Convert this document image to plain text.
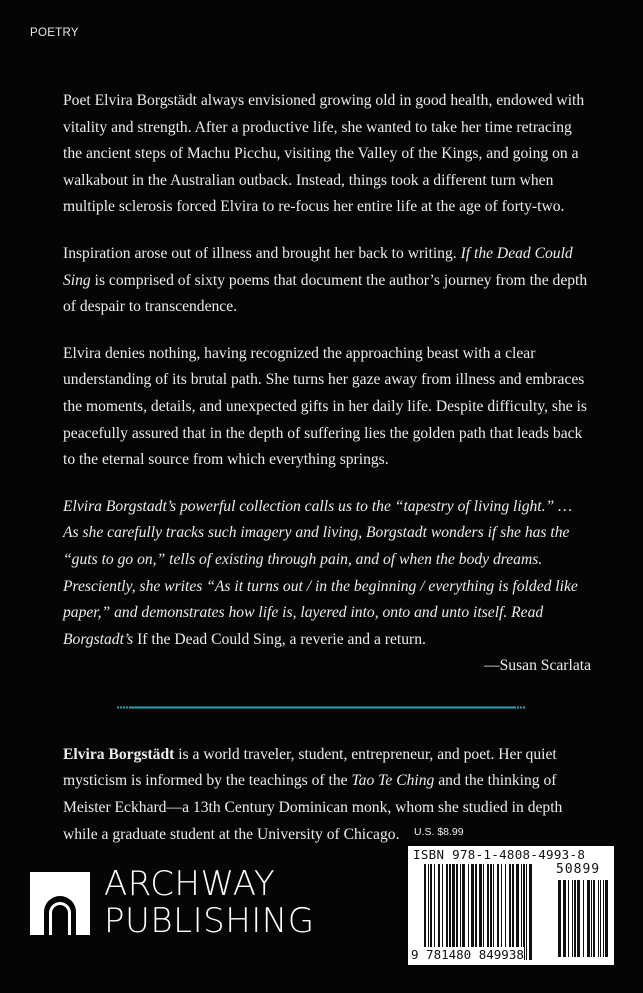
POETRY

Poet Elvira Borgstädt always envisioned growing old in good health, endowed with vitality and strength. After a productive life, she wanted to take her time retracing the ancient steps of Machu Picchu, visiting the Valley of the Kings, and going on a walkabout in the Australian outback. Instead, things took a different turn when multiple sclerosis forced Elvira to re-focus her entire life at the age of forty-two.

Inspiration arose out of illness and brought her back to writing. If the Dead Could Sing is comprised of sixty poems that document the author’s journey from the depth of despair to transcendence.

Elvira denies nothing, having recognized the approaching beast with a clear understanding of its brutal path. She turns her gaze away from illness and embraces the moments, details, and unexpected gifts in her daily life. Despite difficulty, she is peacefully assured that in the depth of suffering lies the golden path that leads back to the eternal source from which everything springs.

Elvira Borgstadt’s powerful collection calls us to the “tapestry of living light.” … As she carefully tracks such imagery and living, Borgstadt wonders if she has the “guts to go on,” tells of existing through pain, and of when the body dreams. Presciently, she writes “As it turns out / in the beginning / everything is folded like paper,” and demonstrates how life is, layered into, onto and unto itself. Read Borgstadt’s If the Dead Could Sing, a reverie and a return.

—Susan Scarlata

Elvira Borgstädt is a world traveler, student, entrepreneur, and poet. Her quiet mysticism is informed by the teachings of the Tao Te Ching and the thinking of Meister Eckhard—a 13th Century Dominican monk, whom she studied in depth while a graduate student at the University of Chicago.	U.S. $8.99
ISBN 978-1-4808-4993-8
50899
9 781480 849938
ARCHWAY
PUBLISHING
